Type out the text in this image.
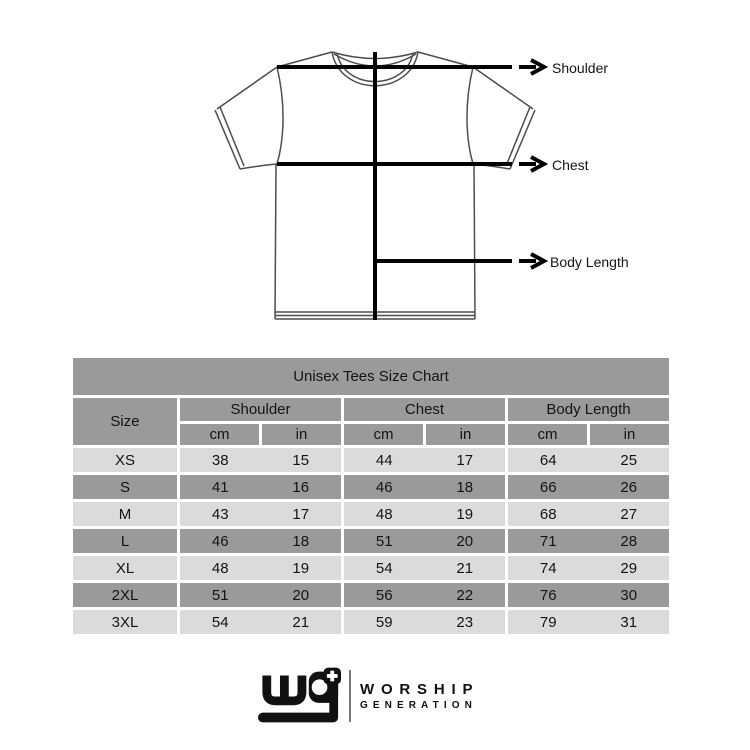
Shoulder
Chest
Body Length
Unisex Tees Size Chart						
Size	Shoulder		Chest		Body Length	
	cm	in	cm	in	cm	in
XS	38 15		44 17		64 25	

S	41 16		46 18		66 26	

M	43 17		48 19		68 27	

L	46 18		51 20		71 28	

XL	48 19		54 21		74 29	

2XL	51 20		56 22		76 30	

3XL	54 21		59 23		79 31	
WORSHIP
GENERATION
